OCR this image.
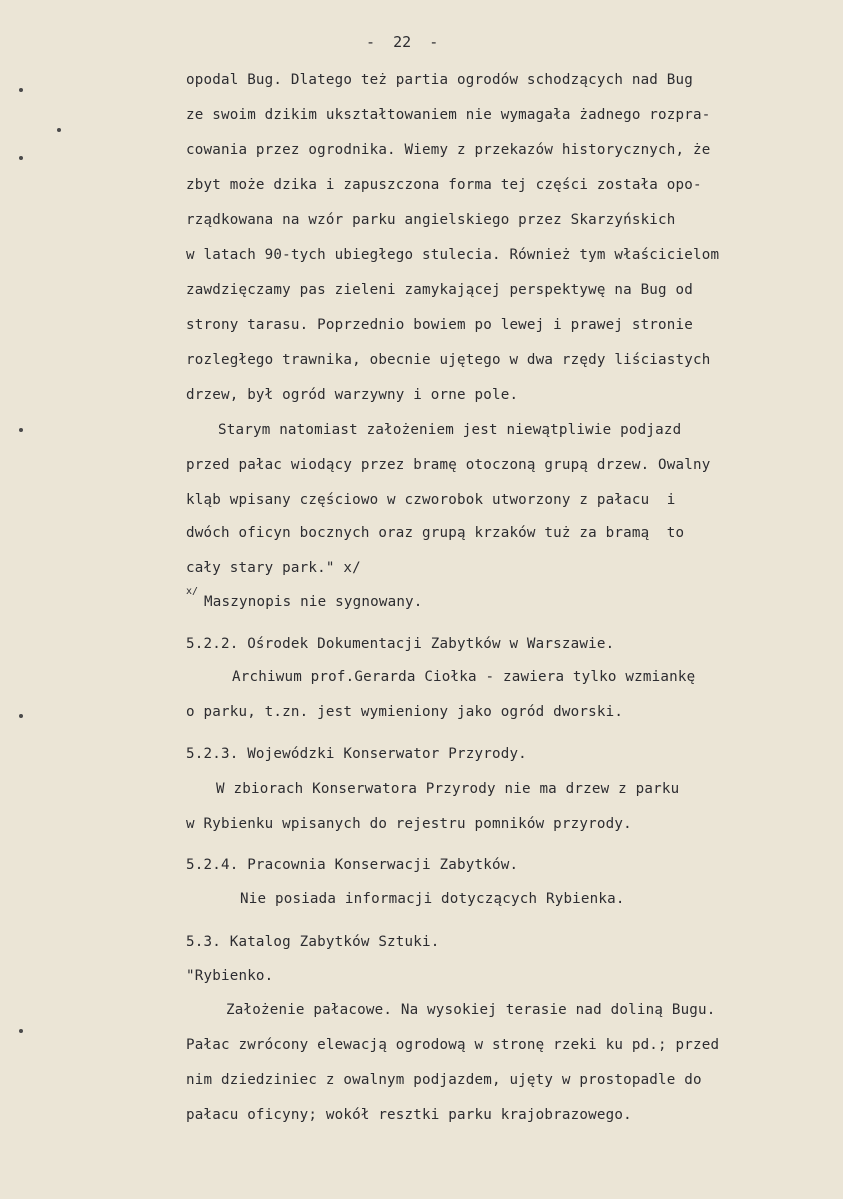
-  22  -
opodal Bug. Dlatego też partia ogrodów schodzących nad Bug
ze swoim dzikim ukształtowaniem nie wymagała żadnego rozpra-
cowania przez ogrodnika. Wiemy z przekazów historycznych, że
zbyt może dzika i zapuszczona forma tej części została opo-
rządkowana na wzór parku angielskiego przez Skarzyńskich
w latach 90-tych ubiegłego stulecia. Również tym właścicielom
zawdzięczamy pas zieleni zamykającej perspektywę na Bug od
strony tarasu. Poprzednio bowiem po lewej i prawej stronie
rozległego trawnika, obecnie ujętego w dwa rzędy liściastych
drzew, był ogród warzywny i orne pole.
Starym natomiast założeniem jest niewątpliwie podjazd
przed pałac wiodący przez bramę otoczoną grupą drzew. Owalny
kląb wpisany częściowo w czworobok utworzony z pałacu  i
dwóch oficyn bocznych oraz grupą krzaków tuż za bramą  to
cały stary park." x/
x/
Maszynopis nie sygnowany.
5.2.2. Ośrodek Dokumentacji Zabytków w Warszawie.
Archiwum prof.Gerarda Ciołka - zawiera tylko wzmiankę
o parku, t.zn. jest wymieniony jako ogród dworski.
5.2.3. Wojewódzki Konserwator Przyrody.
W zbiorach Konserwatora Przyrody nie ma drzew z parku
w Rybienku wpisanych do rejestru pomników przyrody.
5.2.4. Pracownia Konserwacji Zabytków.
Nie posiada informacji dotyczących Rybienka.
5.3. Katalog Zabytków Sztuki.
"Rybienko.
Założenie pałacowe. Na wysokiej terasie nad doliną Bugu.
Pałac zwrócony elewacją ogrodową w stronę rzeki ku pd.; przed
nim dziedziniec z owalnym podjazdem, ujęty w prostopadle do
pałacu oficyny; wokół resztki parku krajobrazowego.
